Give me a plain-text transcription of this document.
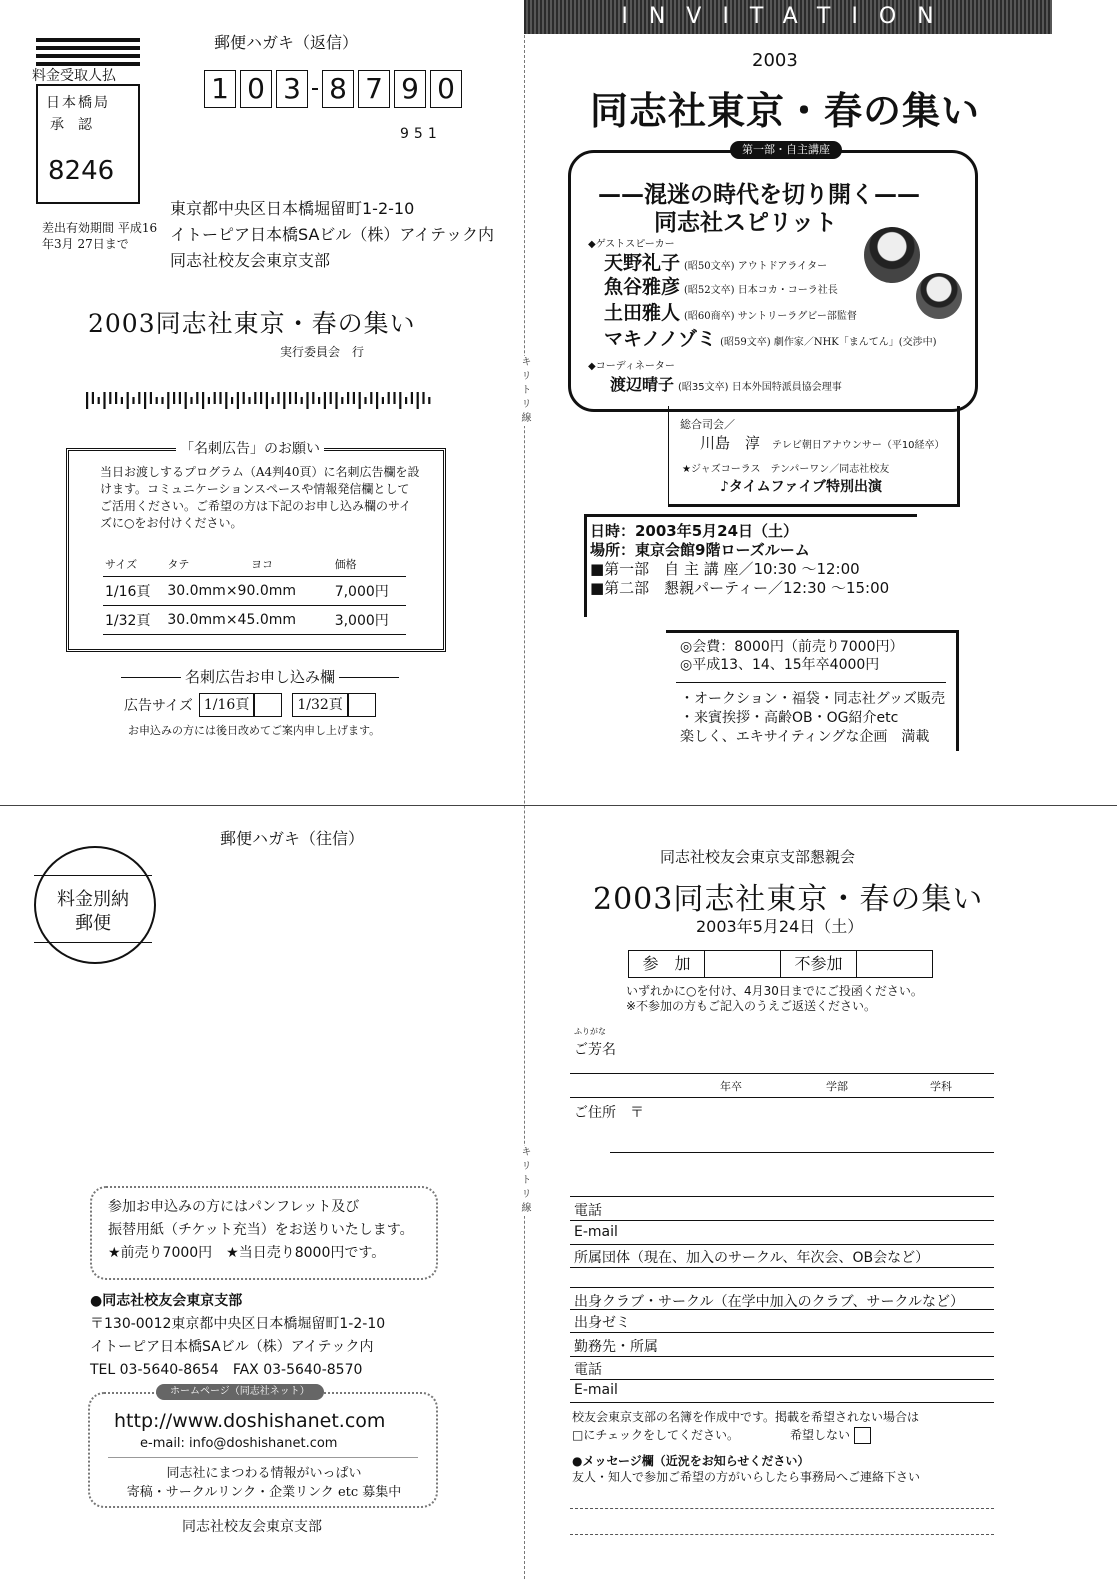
キリトリ線
キリトリ線
料金受取人払
日本橋局
承認
8246
差出有効期間 平成16年3月 27日まで
郵便ハガキ（返信）
1 0 3 8 7 9 0
951
東京都中央区日本橋堀留町1-2-10
イトーピア日本橋SAビル（株）アイテック内
同志社校友会東京支部
2003同志社東京・春の集い
実行委員会　行
「名刺広告」のお願い
当日お渡しするプログラム（A4判40頁）に名刺広告欄を設けます。コミュニケーションスペースや情報発信欄としてご活用ください。ご希望の方は下記のお申し込み欄のサイズに○をお付けください。
サイズ	タテ	ヨコ	価格
1/16頁	30.0mm×90.0mm		7,000円
1/32頁	30.0mm×45.0mm		3,000円
名刺広告お申し込み欄
広告サイズ 1/16頁	1/32頁
お申込みの方には後日改めてご案内申し上げます。
INVITATION
2003
同志社東京・春の集い
第一部・自主講座
——混迷の時代を切り開く——
同志社スピリット
◆ゲストスピーカー
天野礼子 (昭50文卒) アウトドアライター
魚谷雅彦 (昭52文卒) 日本コカ・コーラ社長
土田雅人 (昭60商卒) サントリーラグビー部監督
マキノノゾミ (昭59文卒) 劇作家／NHK「まんてん」(交渉中)
◆コーディネーター
渡辺晴子 (昭35文卒) 日本外国特派員協会理事
総合司会／
川島　淳 テレビ朝日アナウンサー（平10経卒）
★ジャズコーラス　テンパーワン／同志社校友
♪タイムファイブ特別出演
日時：2003年5月24日（土）
場所：東京会館9階ローズルーム
■第一部　自 主 講 座／10:30 ～12:00
■第二部　懇親パーティー／12:30 ～15:00
◎会費：8000円（前売り7000円）
◎平成13、14、15年卒4000円
・オークション・福袋・同志社グッズ販売
・来賓挨拶・高齢OB・OG紹介etc
楽しく、エキサイティングな企画　満載
郵便ハガキ（往信）
料金別納
郵便
参加お申込みの方にはパンフレット及び
振替用紙（チケット充当）をお送りいたします。
★前売り7000円　★当日売り8000円です。
●同志社校友会東京支部
〒130-0012東京都中央区日本橋堀留町1-2-10
イトーピア日本橋SAビル（株）アイテック内
TEL 03-5640-8654　FAX 03-5640-8570
ホームページ（同志社ネット）
http://www.doshishanet.com
e-mail: info@doshishanet.com
同志社にまつわる情報がいっぱい
寄稿・サークルリンク・企業リンク etc 募集中
同志社校友会東京支部
同志社校友会東京支部懇親会
2003同志社東京・春の集い
2003年5月24日（土）
参　加	不参加
いずれかに○を付け、4月30日までにご投函ください。
※不参加の方もご記入のうえご返送ください。
ふりがな
ご芳名
年卒	学部	学科
ご住所　〒
電話
E-mail
所属団体（現在、加入のサークル、年次会、OB会など）
出身クラブ・サークル（在学中加入のクラブ、サークルなど）
出身ゼミ
勤務先・所属
電話
E-mail
校友会東京支部の名簿を作成中です。掲載を希望されない場合は
□にチェックをしてください。	希望しない
●メッセージ欄（近況をお知らせください）
友人・知人で参加ご希望の方がいらしたら事務局へご連絡下さい
